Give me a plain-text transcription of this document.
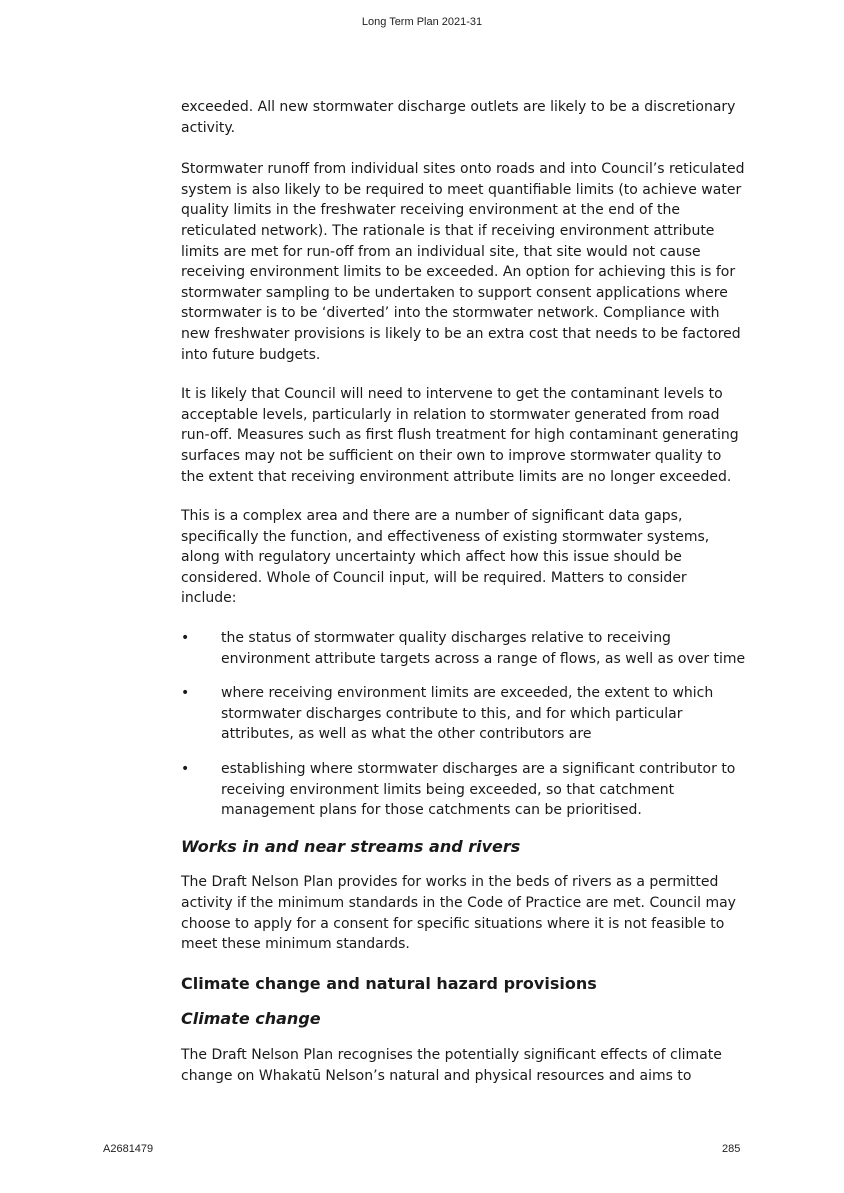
Long Term Plan 2021-31

exceeded. All new stormwater discharge outlets are likely to be a discretionary activity.

Stormwater runoff from individual sites onto roads and into Council’s reticulated system is also likely to be required to meet quantifiable limits (to achieve water quality limits in the freshwater receiving environment at the end of the reticulated network). The rationale is that if receiving environment attribute limits are met for run-off from an individual site, that site would not cause receiving environment limits to be exceeded. An option for achieving this is for stormwater sampling to be undertaken to support consent applications where stormwater is to be ‘diverted’ into the stormwater network. Compliance with new freshwater provisions is likely to be an extra cost that needs to be factored into future budgets.

It is likely that Council will need to intervene to get the contaminant levels to acceptable levels, particularly in relation to stormwater generated from road run-off. Measures such as first flush treatment for high contaminant generating surfaces may not be sufficient on their own to improve stormwater quality to the extent that receiving environment attribute limits are no longer exceeded.

This is a complex area and there are a number of significant data gaps, specifically the function, and effectiveness of existing stormwater systems, along with regulatory uncertainty which affect how this issue should be considered. Whole of Council input, will be required. Matters to consider include:

• the status of stormwater quality discharges relative to receiving environment attribute targets across a range of flows, as well as over time
• where receiving environment limits are exceeded, the extent to which stormwater discharges contribute to this, and for which particular attributes, as well as what the other contributors are
• establishing where stormwater discharges are a significant contributor to receiving environment limits being exceeded, so that catchment management plans for those catchments can be prioritised.
Works in and near streams and rivers

The Draft Nelson Plan provides for works in the beds of rivers as a permitted activity if the minimum standards in the Code of Practice are met. Council may choose to apply for a consent for specific situations where it is not feasible to meet these minimum standards.

Climate change and natural hazard provisions
Climate change

The Draft Nelson Plan recognises the potentially significant effects of climate change on Whakatū Nelson’s natural and physical resources and aims to

A2681479	285
